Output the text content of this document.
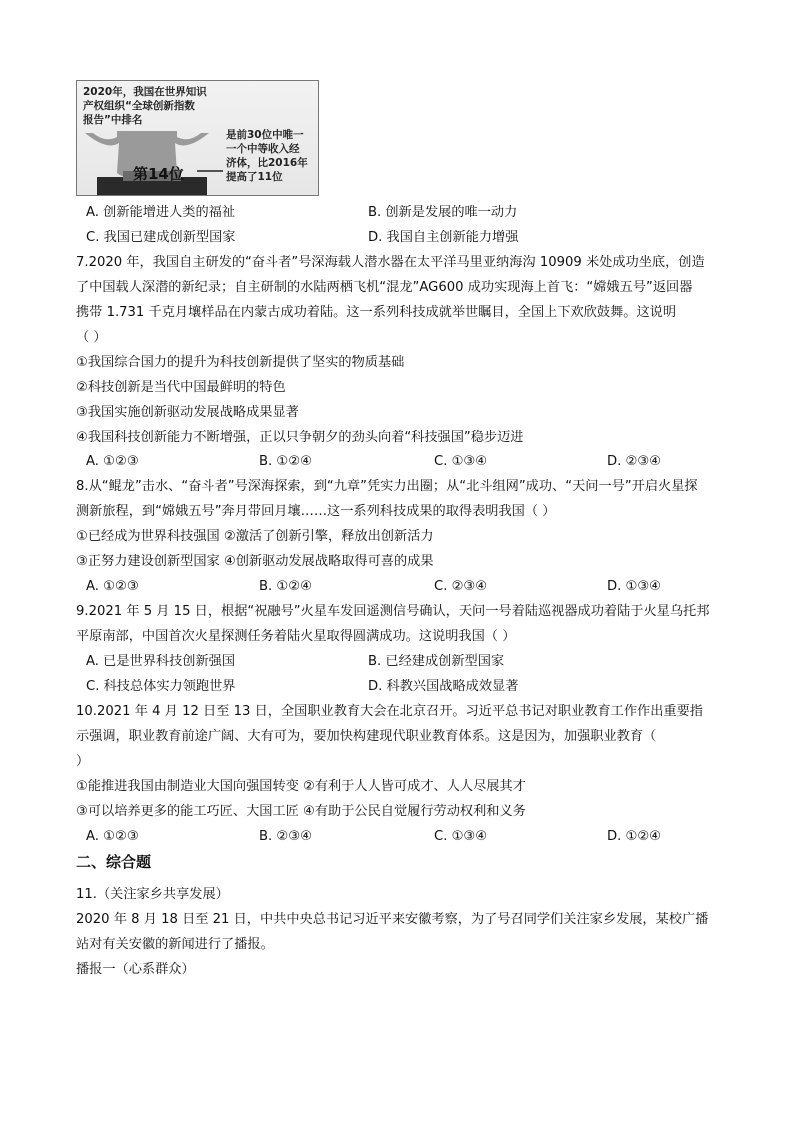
2020年，我国在世界知识
产权组织“全球创新指数
报告”中排名
第14位
是前30位中唯一
一个中等收入经
济体，比2016年
提高了11位
A. 创新能增进人类的福祉	B. 创新是发展的唯一动力
C. 我国已建成创新型国家	D. 我国自主创新能力增强
7.2020 年，我国自主研发的“奋斗者”号深海载人潜水器在太平洋马里亚纳海沟 10909 米处成功坐底，创造
了中国载人深潜的新纪录；自主研制的水陆两栖飞机“混龙”AG600 成功实现海上首飞：“嫦娥五号”返回器
携带 1.731 千克月壤样品在内蒙古成功着陆。这一系列科技成就举世瞩目，全国上下欢欣鼓舞。这说明
（ ）
①我国综合国力的提升为科技创新提供了坚实的物质基础
②科技创新是当代中国最鲜明的特色
③我国实施创新驱动发展战略成果显著
④我国科技创新能力不断增强，正以只争朝夕的劲头向着“科技强国”稳步迈进
A. ①②③	B. ①②④	C. ①③④	D. ②③④
8.从“鲲龙”击水、“奋斗者”号深海探索，到“九章”凭实力出圈；从“北斗组网”成功、“天问一号”开启火星探
测新旅程，到“嫦娥五号”奔月带回月壤……这一系列科技成果的取得表明我国（ ）
①已经成为世界科技强国 ②激活了创新引擎，释放出创新活力
③正努力建设创新型国家 ④创新驱动发展战略取得可喜的成果
A. ①②③	B. ①②④	C. ②③④	D. ①③④
9.2021 年 5 月 15 日，根据“祝融号”火星车发回遥测信号确认，天问一号着陆巡视器成功着陆于火星乌托邦
平原南部，中国首次火星探测任务着陆火星取得圆满成功。这说明我国（ ）
A. 已是世界科技创新强国	B. 已经建成创新型国家
C. 科技总体实力领跑世界	D. 科教兴国战略成效显著
10.2021 年 4 月 12 日至 13 日，全国职业教育大会在北京召开。习近平总书记对职业教育工作作出重要指
示强调，职业教育前途广阔、大有可为，要加快构建现代职业教育体系。这是因为，加强职业教育（
）
①能推进我国由制造业大国向强国转变 ②有利于人人皆可成才、人人尽展其才
③可以培养更多的能工巧匠、大国工匠 ④有助于公民自觉履行劳动权利和义务
A. ①②③	B. ②③④	C. ①③④	D. ①②④
二、综合题
11.（关注家乡共享发展）
2020 年 8 月 18 日至 21 日，中共中央总书记习近平来安徽考察，为了号召同学们关注家乡发展，某校广播
站对有关安徽的新闻进行了播报。
播报一（心系群众）
